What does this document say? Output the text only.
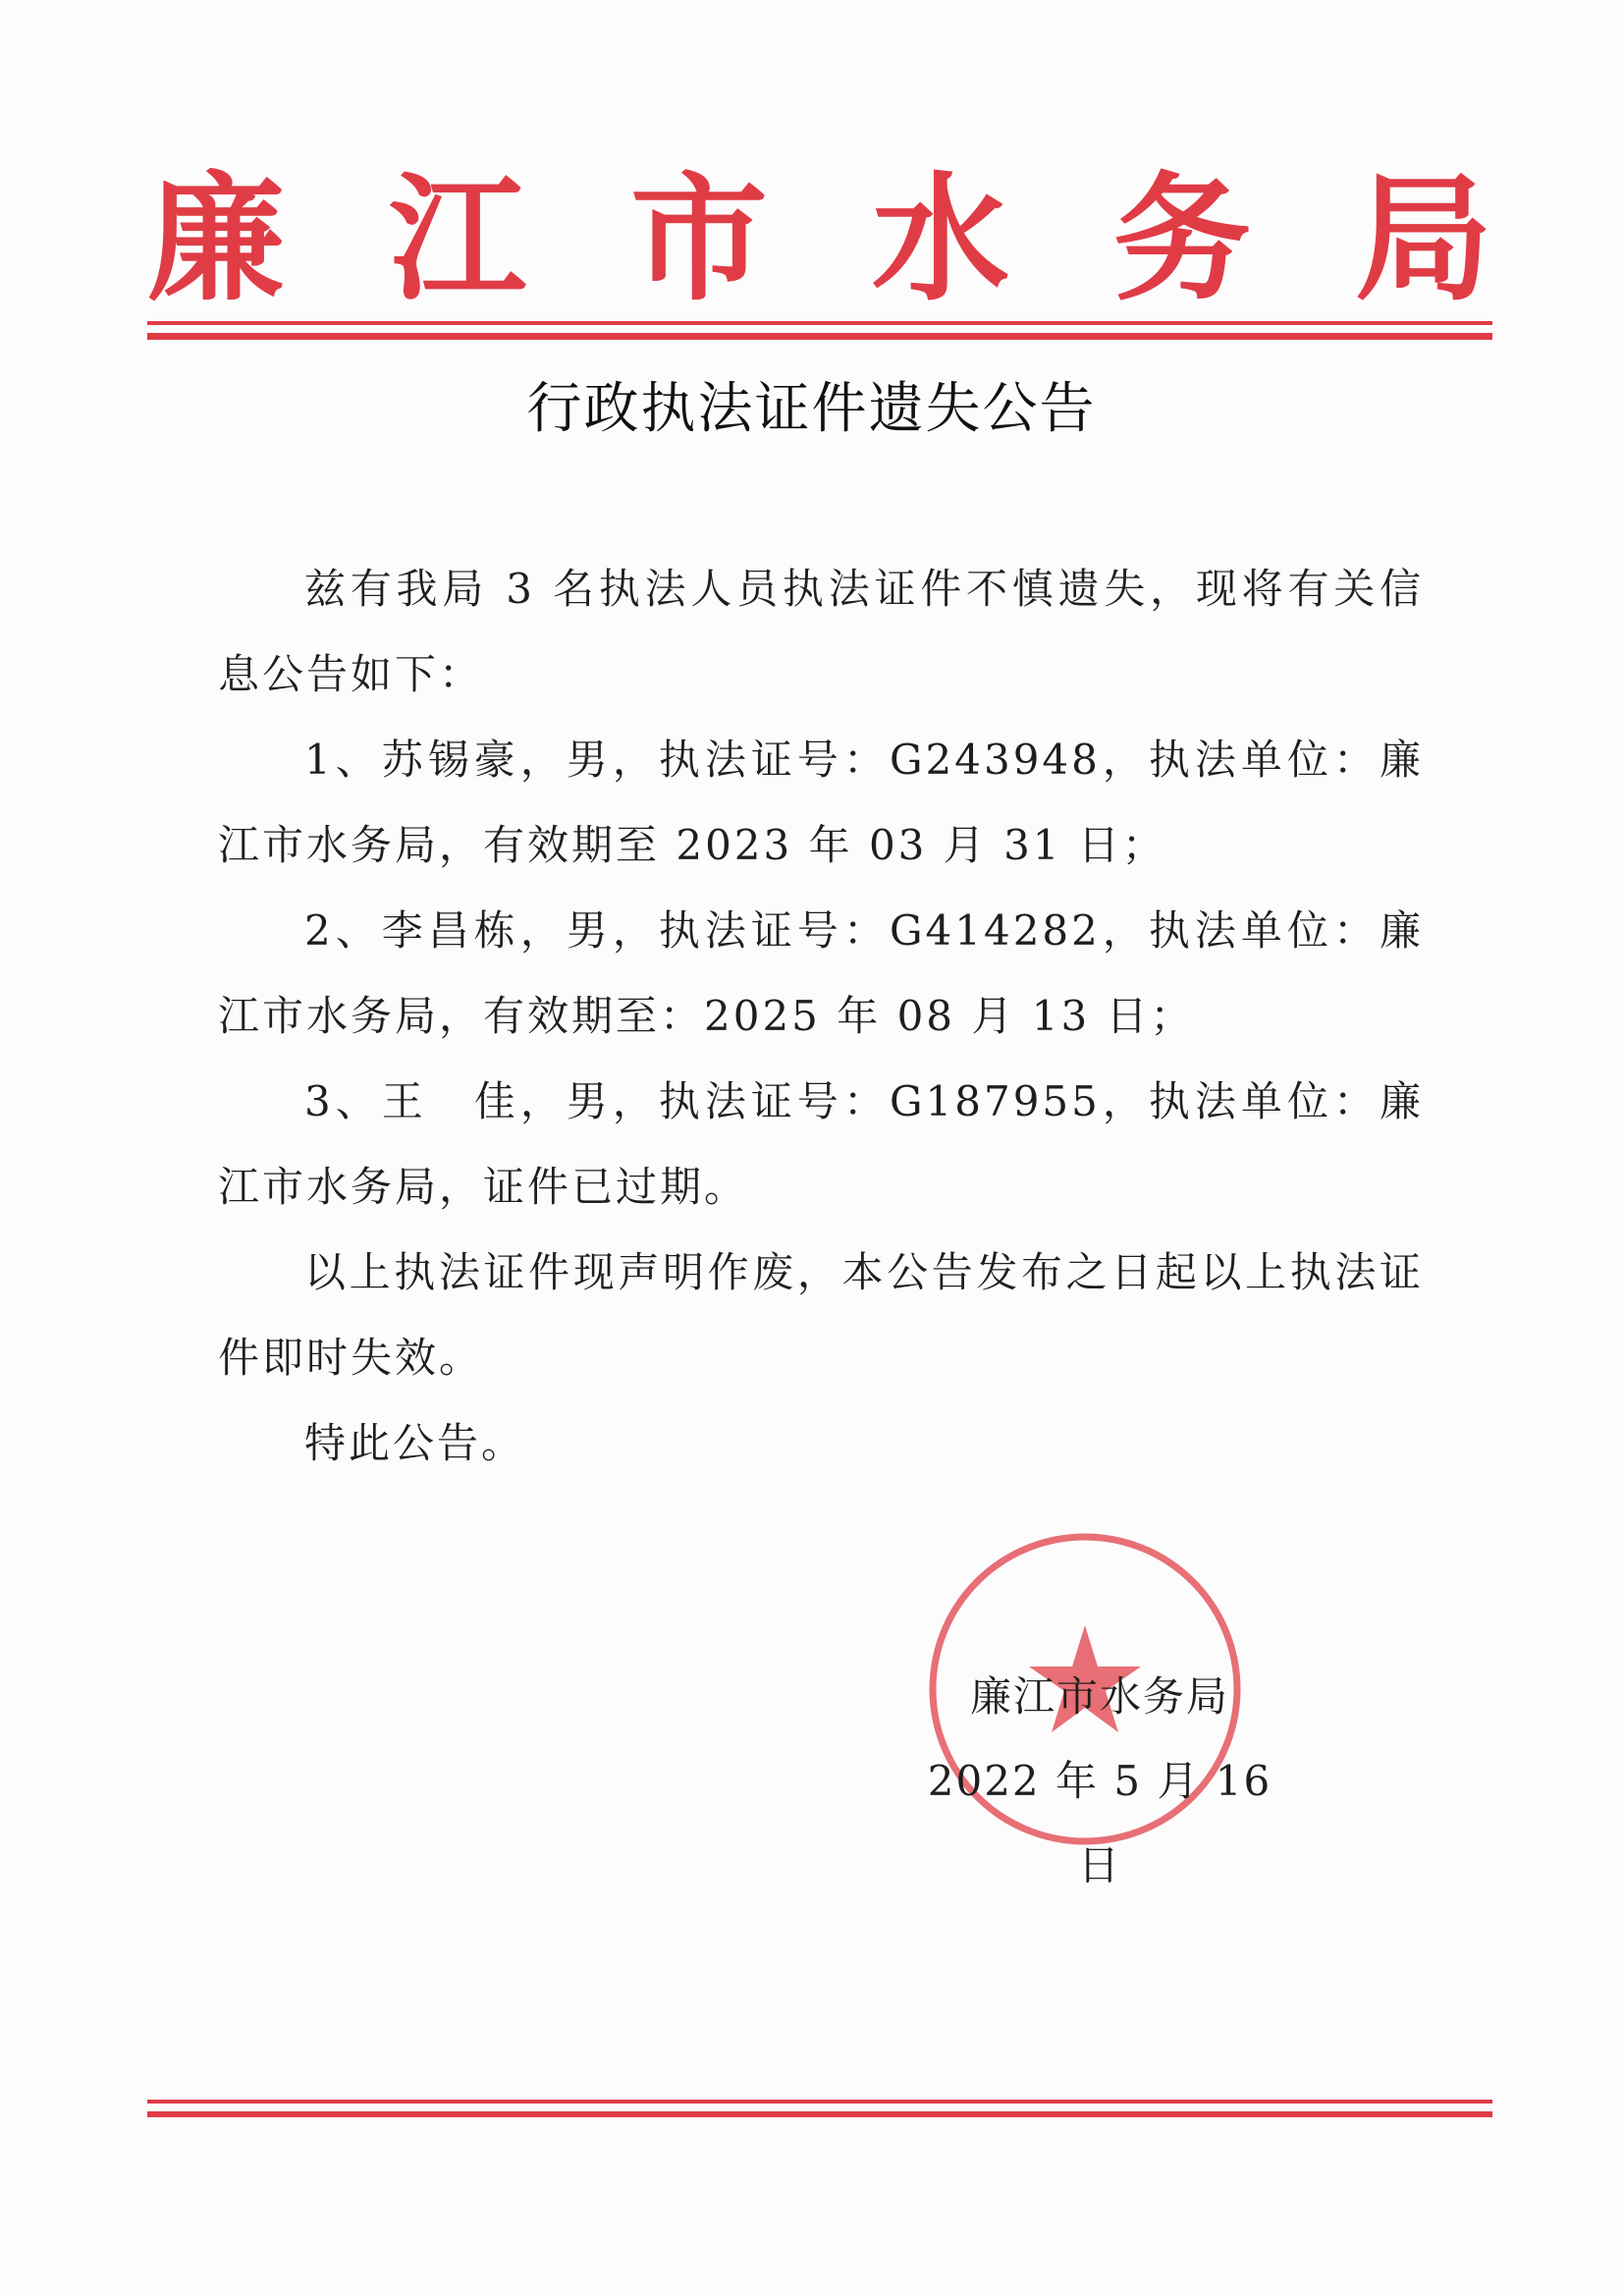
廉 江 市 水 务 局
行政执法证件遗失公告

兹有我局 3 名执法人员执法证件不慎遗失，现将有关信息公告如下：

1、苏锡豪，男，执法证号：G243948，执法单位：廉江市水务局，有效期至 2023 年 03 月 31 日；

2、李昌栋，男，执法证号：G414282，执法单位：廉江市水务局，有效期至：2025 年 08 月 13 日；

3、王　佳，男，执法证号：G187955，执法单位：廉江市水务局，证件已过期。

以上执法证件现声明作废，本公告发布之日起以上执法证件即时失效。

特此公告。

廉江市水务局
2022 年 5 月 16 日
